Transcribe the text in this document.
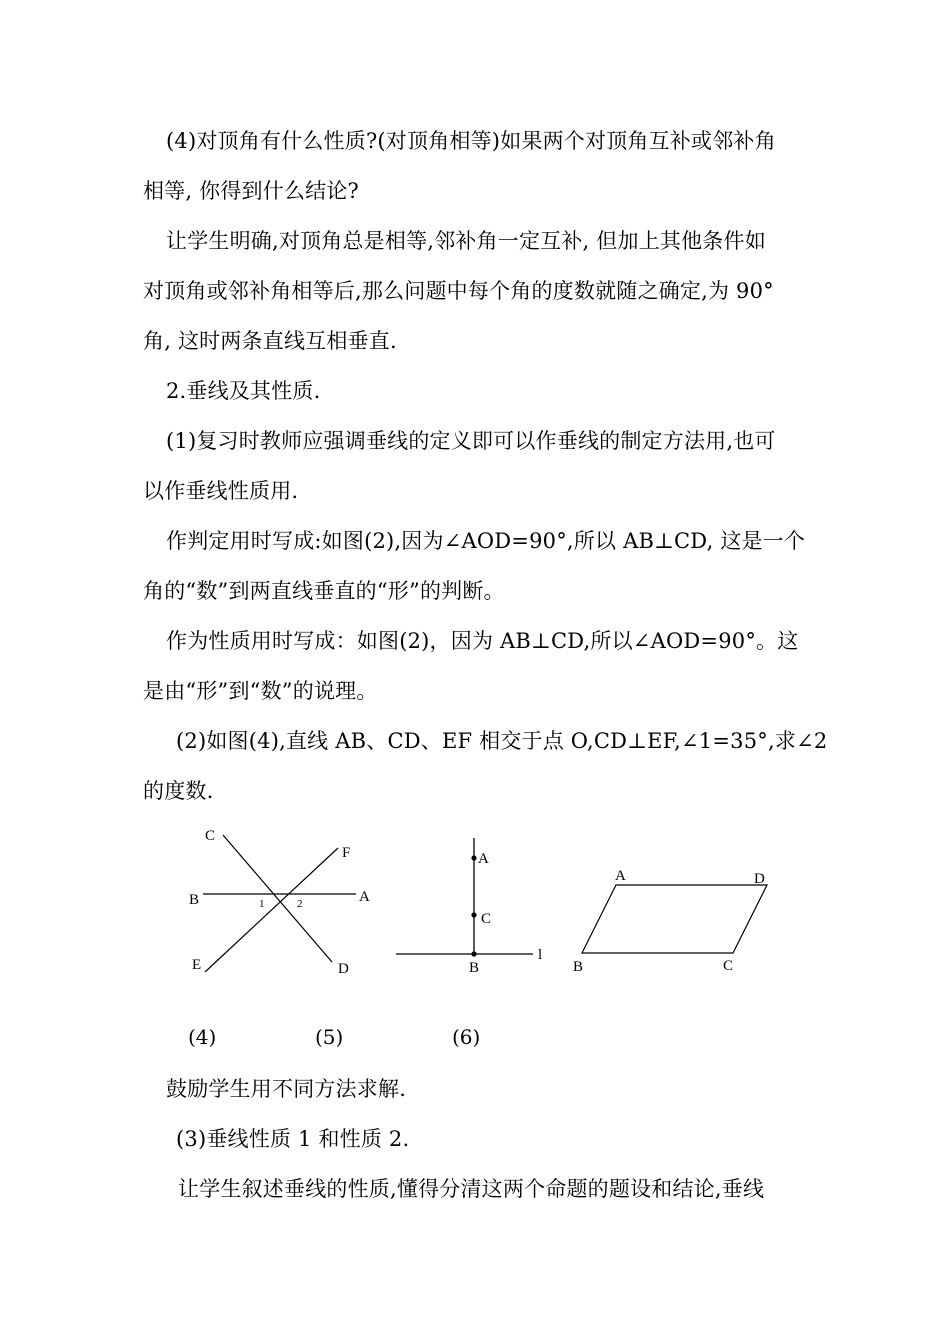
(4)对顶角有什么性质?(对顶角相等)如果两个对顶角互补或邻补角
相等, 你得到什么结论?
让学生明确,对顶角总是相等,邻补角一定互补, 但加上其他条件如
对顶角或邻补角相等后,那么问题中每个角的度数就随之确定,为 90°
角, 这时两条直线互相垂直.
2.垂线及其性质.
(1)复习时教师应强调垂线的定义即可以作垂线的制定方法用,也可
以作垂线性质用.
作判定用时写成:如图(2),因为∠AOD=90°,所以 AB⊥CD, 这是一个
角的“数”到两直线垂直的“形”的判断。
作为性质用时写成：如图(2)，因为 AB⊥CD,所以∠AOD=90°。这
是由“形”到“数”的说理。
(2)如图(4),直线 AB、CD、EF 相交于点 O,CD⊥EF,∠1=35°,求∠2
的度数.
C
F
B	A
E	D
1	2
A
C
B
l
A	D
B	C
(4)	(5)	(6)
鼓励学生用不同方法求解.
(3)垂线性质 1 和性质 2.
让学生叙述垂线的性质,懂得分清这两个命题的题设和结论,垂线
